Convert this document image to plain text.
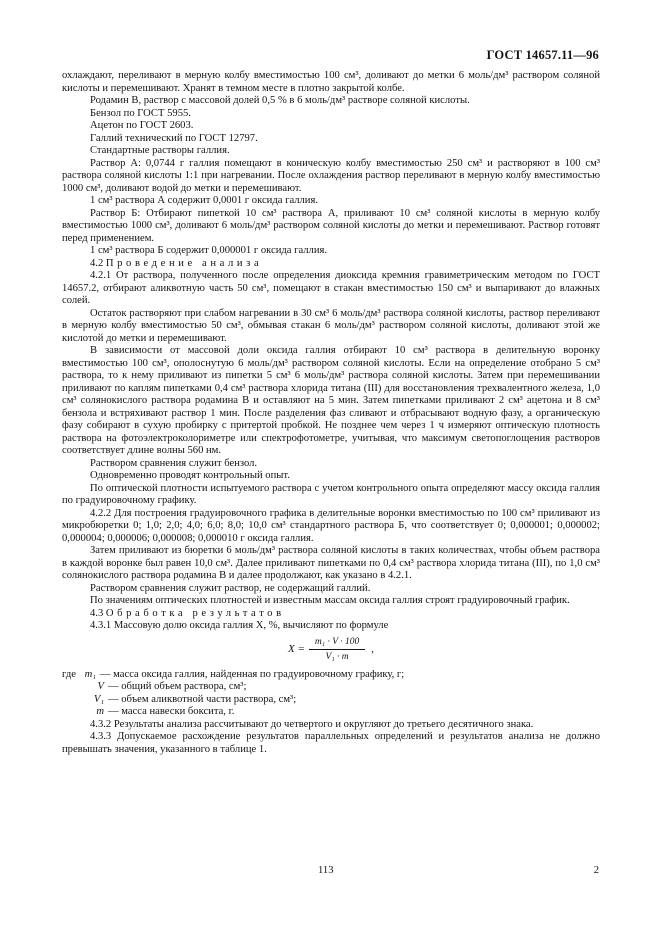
ГОСТ 14657.11—96

охлаждают, переливают в мерную колбу вместимостью 100 см³, доливают до метки 6 моль/дм³ раствором соляной кислоты и перемешивают. Хранят в темном месте в плотно закрытой колбе.

Родамин В, раствор с массовой долей 0,5 % в 6 моль/дм³ растворе соляной кислоты.

Бензол по ГОСТ 5955.

Ацетон по ГОСТ 2603.

Галлий технический по ГОСТ 12797.

Стандартные растворы галлия.

Раствор А: 0,0744 г галлия помещают в коническую колбу вместимостью 250 см³ и растворяют в 100 см³ раствора соляной кислоты 1:1 при нагревании. После охлаждения раствор переливают в мерную колбу вместимостью 1000 см³, доливают водой до метки и перемешивают.

1 см³ раствора А содержит 0,0001 г оксида галлия.

Раствор Б: Отбирают пипеткой 10 см³ раствора А, приливают 10 см³ соляной кислоты в мерную колбу вместимостью 1000 см³, доливают 6 моль/дм³ раствором соляной кислоты до метки и перемешивают. Раствор готовят перед применением.

1 см³ раствора Б содержит 0,000001 г оксида галлия.

4.2 Проведение анализа

4.2.1 От раствора, полученного после определения диоксида кремния гравиметрическим методом по ГОСТ 14657.2, отбирают аликвотную часть 50 см³, помещают в стакан вместимостью 150 см³ и выпаривают до влажных солей.

Остаток растворяют при слабом нагревании в 30 см³ 6 моль/дм³ раствора соляной кислоты, раствор переливают в мерную колбу вместимостью 50 см³, обмывая стакан 6 моль/дм³ раствором соляной кислоты, доливают этой же кислотой до метки и перемешивают.

В зависимости от массовой доли оксида галлия отбирают 10 см³ раствора в делительную воронку вместимостью 100 см³, ополоснутую 6 моль/дм³ раствором соляной кислоты. Если на определение отобрано 5 см³ раствора, то к нему приливают из пипетки 5 см³ 6 моль/дм³ раствора соляной кислоты. Затем при перемешивании приливают по каплям пипетками 0,4 см³ раствора хлорида титана (III) для восстановления трехвалентного железа, 1,0 см³ солянокислого раствора родамина В и оставляют на 5 мин. Затем пипетками приливают 2 см³ ацетона и 8 см³ бензола и встряхивают раствор 1 мин. После разделения фаз сливают и отбрасывают водную фазу, а органическую фазу собирают в сухую пробирку с притертой пробкой. Не позднее чем через 1 ч измеряют оптическую плотность раствора на фотоэлектроколориметре или спектрофотометре, учитывая, что максимум светопоглощения растворов соответствует длине волны 560 нм.

Раствором сравнения служит бензол.

Одновременно проводят контрольный опыт.

По оптической плотности испытуемого раствора с учетом контрольного опыта определяют массу оксида галлия по градуировочному графику.

4.2.2 Для построения градуировочного графика в делительные воронки вместимостью по 100 см³ приливают из микробюретки 0; 1,0; 2,0; 4,0; 6,0; 8,0; 10,0 см³ стандартного раствора Б, что соответствует 0; 0,000001; 0,000002; 0,000004; 0,000006; 0,000008; 0,000010 г оксида галлия.

Затем приливают из бюретки 6 моль/дм³ раствора соляной кислоты в таких количествах, чтобы объем раствора в каждой воронке был равен 10,0 см³. Далее приливают пипетками по 0,4 см³ раствора хлорида титана (III), по 1,0 см³ солянокислого раствора родамина В и далее продолжают, как указано в 4.2.1.

Раствором сравнения служит раствор, не содержащий галлий.

По значениям оптических плотностей и известным массам оксида галлия строят градуировочный график.

4.3 Обработка результатов

4.3.1 Массовую долю оксида галлия X, %, вычисляют по формуле

$X = \frac{\text{m₁ · V · 100}}{\text{V₁ · m}}$ ,
где m₁ — масса оксида галлия, найденная по градуировочному графику, г;
V — общий объем раствора, см³;
V₁ — объем аликвотной части раствора, см³;
m — масса навески боксита, г.

4.3.2 Результаты анализа рассчитывают до четвертого и округляют до третьего десятичного знака.

4.3.3 Допускаемое расхождение результатов параллельных определений и результатов анализа не должно превышать значения, указанного в таблице 1.

113	2
